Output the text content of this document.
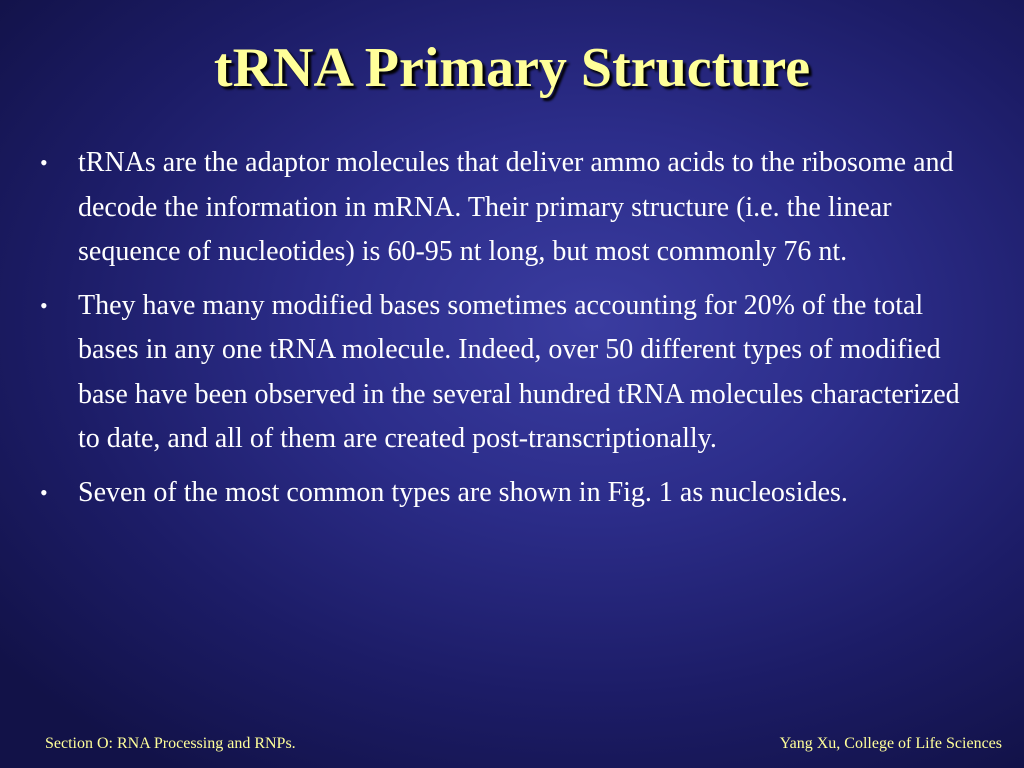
tRNA Primary Structure
•	tRNAs are the adaptor molecules that deliver ammo acids to the ribosome and decode the information in mRNA. Their primary structure (i.e. the linear sequence of nucleotides) is 60-95 nt long, but most commonly 76 nt.
•	They have many modified bases sometimes accounting for 20% of the total bases in any one tRNA molecule. Indeed, over 50 different types of modified base have been observed in the several hundred tRNA molecules characterized to date, and all of them are created post-transcriptionally.
•	Seven of the most common types are shown in Fig. 1 as nucleosides.
Section O: RNA Processing and RNPs.	Yang Xu, College of Life Sciences
